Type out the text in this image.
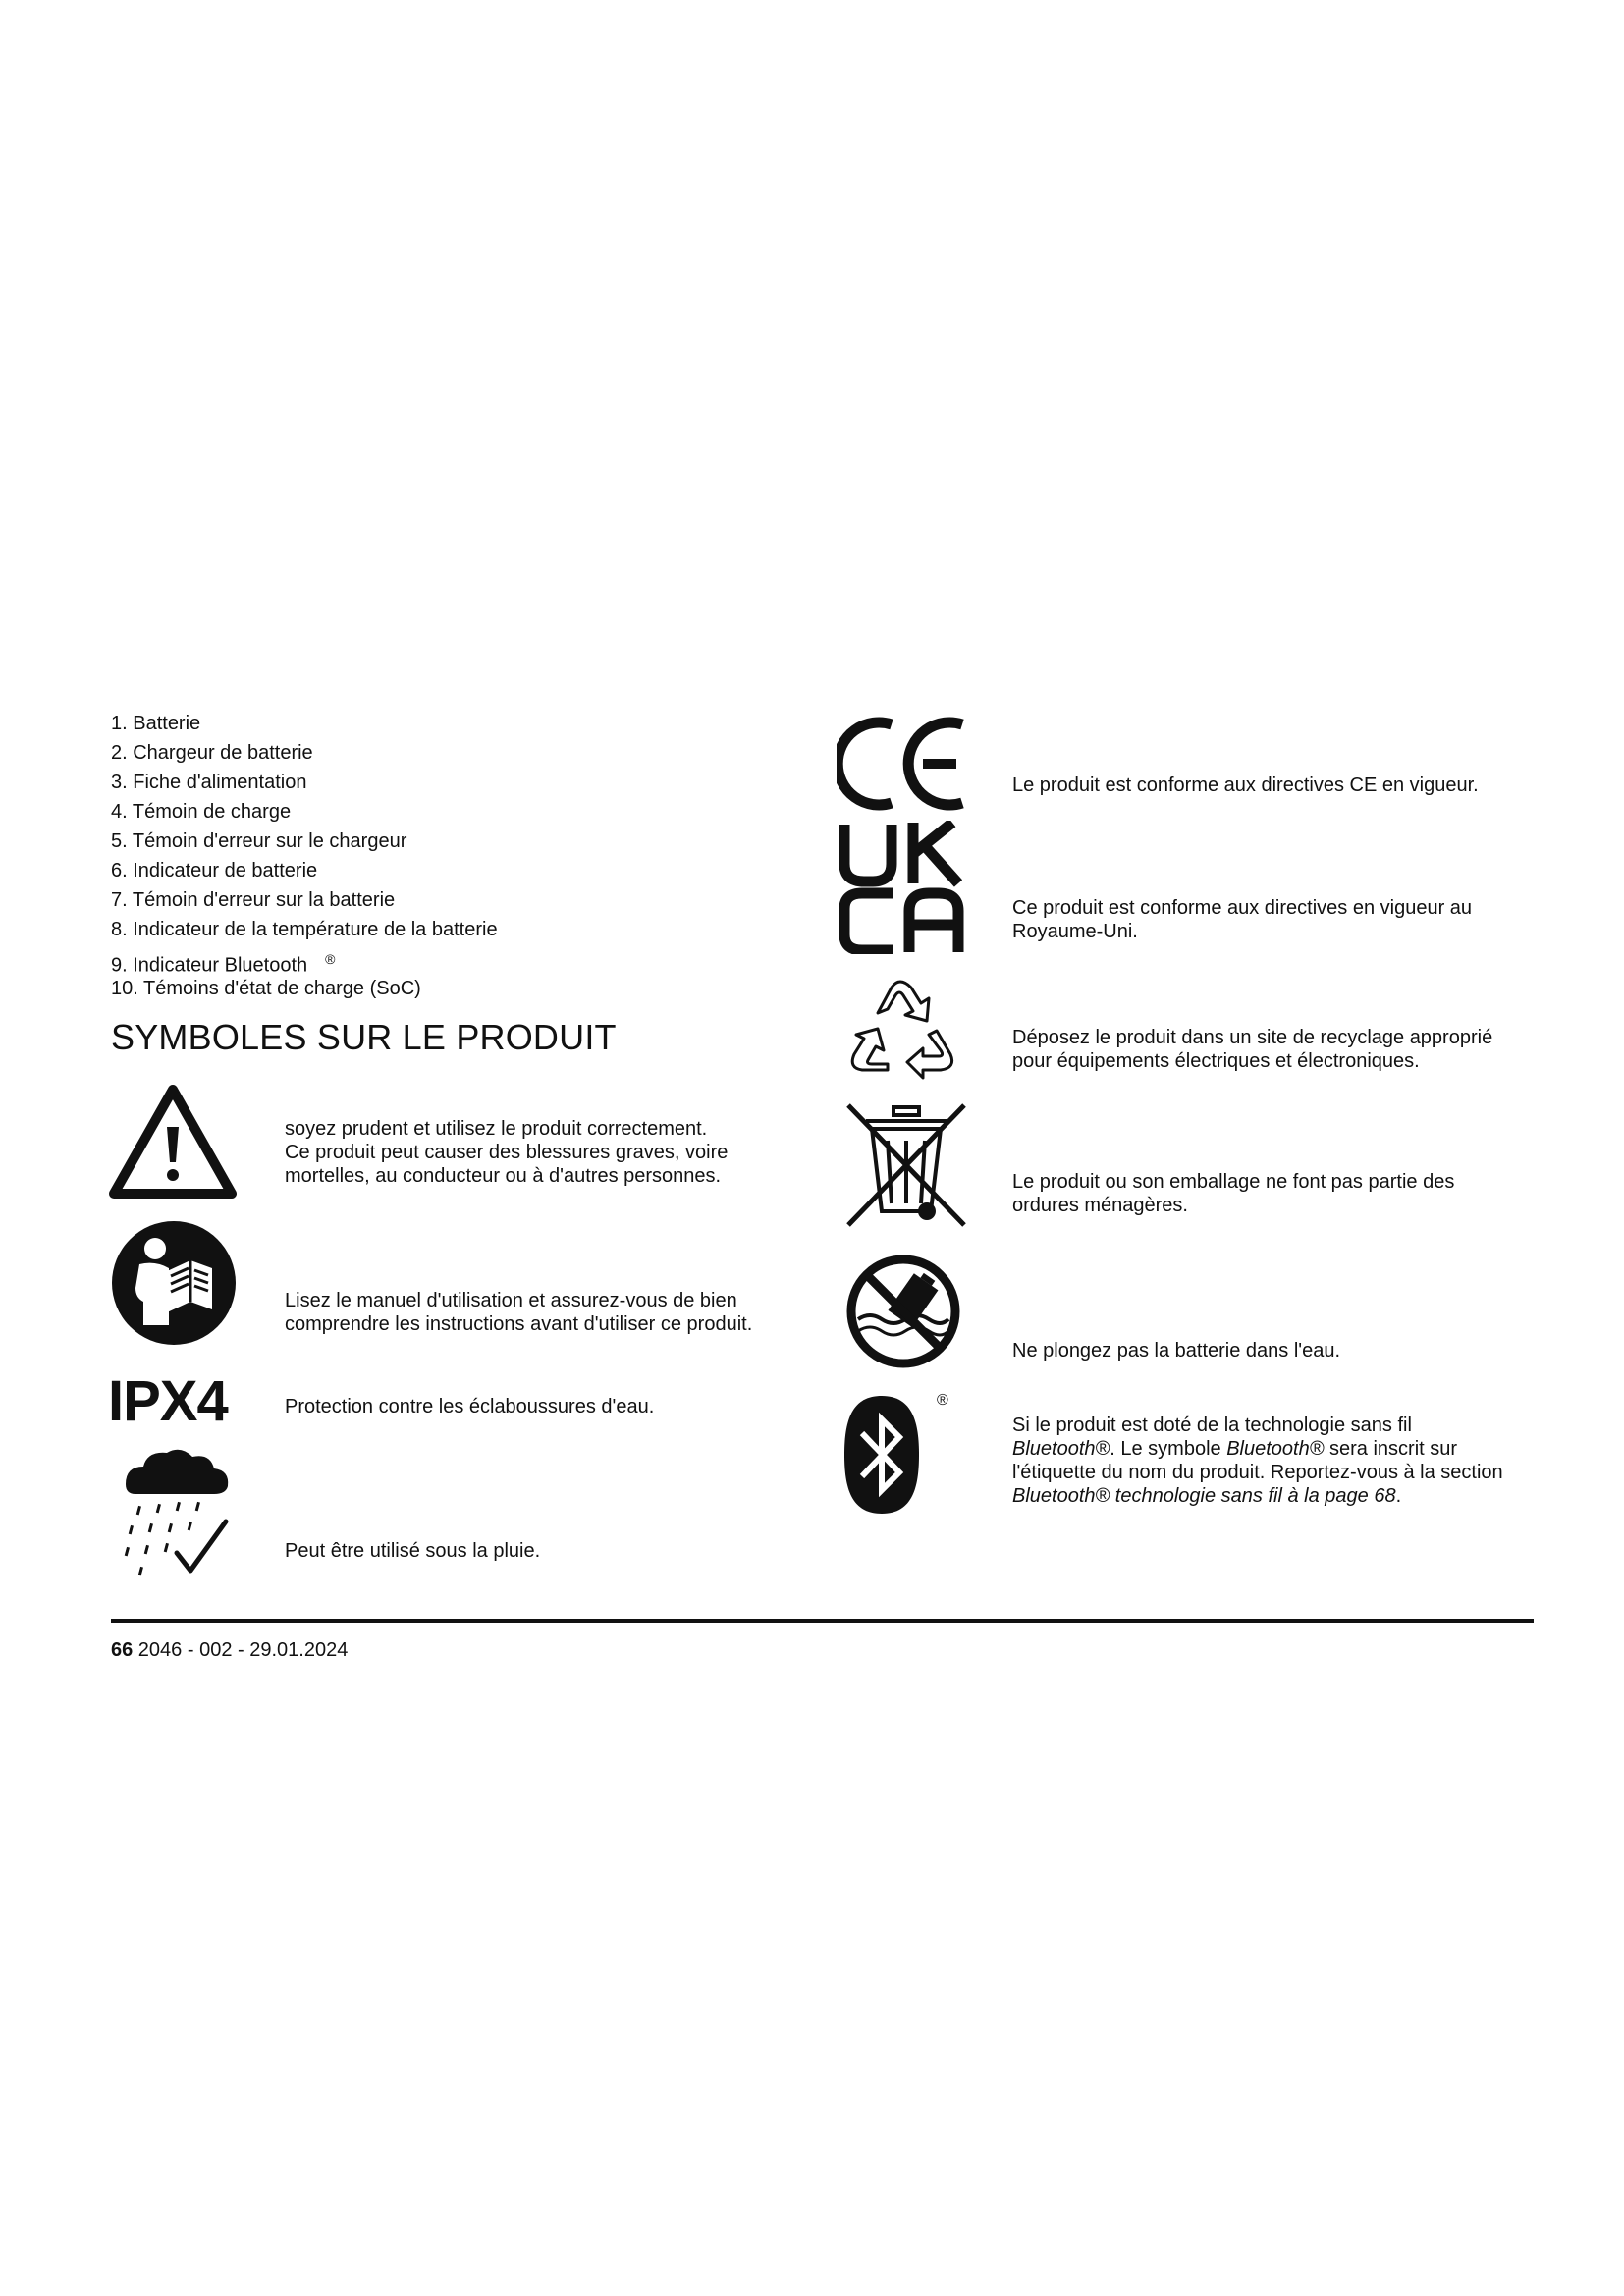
1. Batterie
2. Chargeur de batterie
3. Fiche d'alimentation
4. Témoin de charge
5. Témoin d'erreur sur le chargeur
6. Indicateur de batterie
7. Témoin d'erreur sur la batterie
8. Indicateur de la température de la batterie
9. Indicateur Bluetooth ®
10. Témoins d'état de charge (SoC)
SYMBOLES SUR LE PRODUIT
soyez prudent et utilisez le produit correctement.
Ce produit peut causer des blessures graves, voire
mortelles, au conducteur ou à d'autres personnes.
Lisez le manuel d'utilisation et assurez-vous de bien
comprendre les instructions avant d'utiliser ce produit.
IPX4	Protection contre les éclaboussures d'eau.
Peut être utilisé sous la pluie.
Le produit est conforme aux directives CE en vigueur.
Ce produit est conforme aux directives en vigueur au
Royaume-Uni.
Déposez le produit dans un site de recyclage approprié
pour équipements électriques et électroniques.
Le produit ou son emballage ne font pas partie des
ordures ménagères.
Ne plongez pas la batterie dans l'eau.
®
Si le produit est doté de la technologie sans fil
Bluetooth®. Le symbole Bluetooth® sera inscrit sur
l'étiquette du nom du produit. Reportez-vous à la section
Bluetooth® technologie sans fil à la page 68.
66 2046 - 002 - 29.01.2024
